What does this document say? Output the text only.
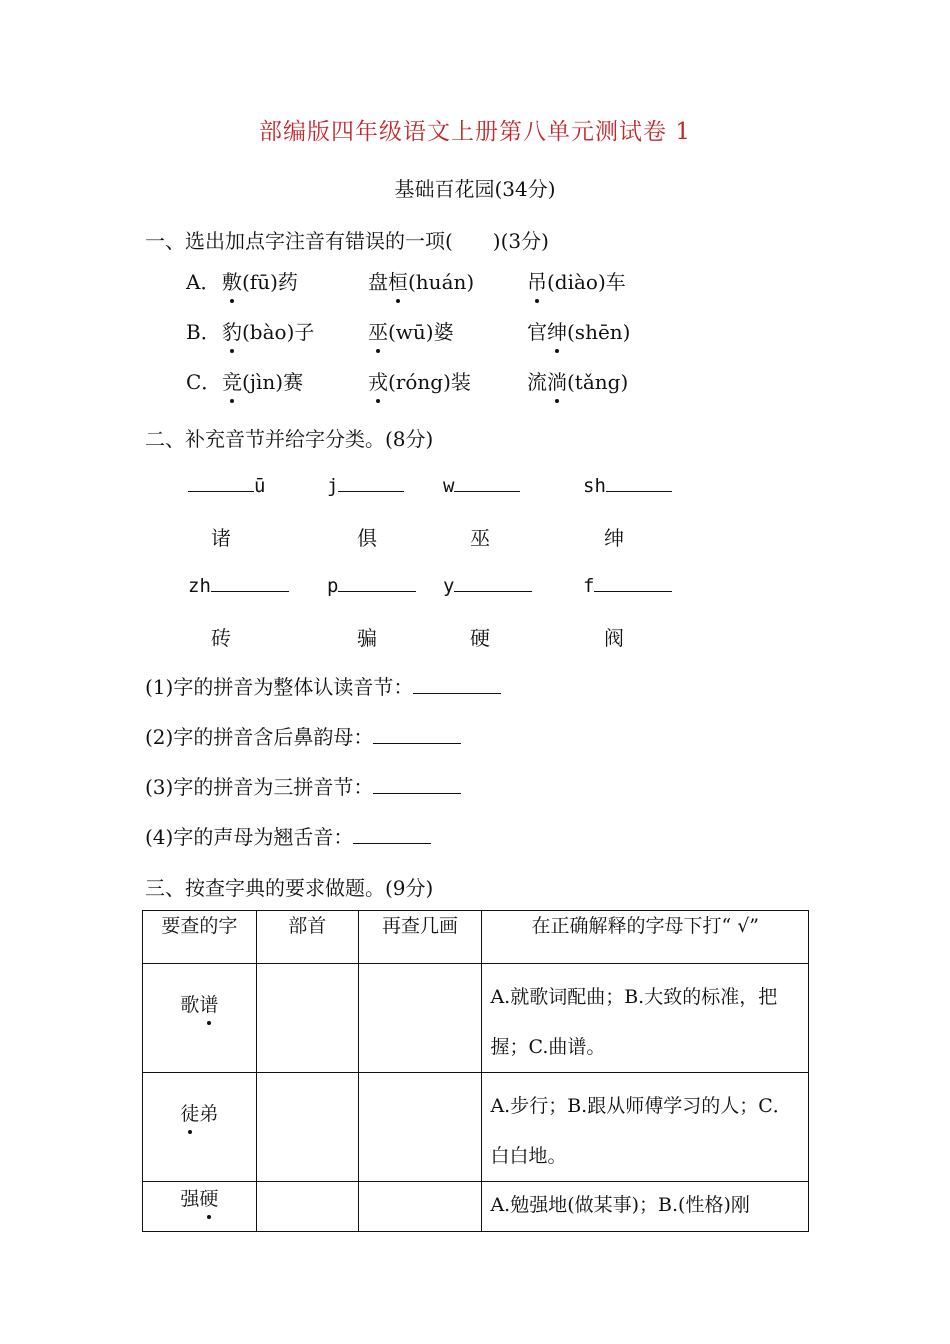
部编版四年级语文上册第八单元测试卷 1
基础百花园(34分)
一、选出加点字注音有错误的一项(　　)(3分)
A． 敷(fū)药	盘桓(huán)	吊(diào)车
B． 豹(bào)子	巫(wū)婆	官绅(shēn)
C． 竞(jìn)赛	戎(róng)装	流淌(tǎng)
二、补充音节并给字分类。(8分)
ū	j	w	sh
诸	俱	巫	绅
zh	p	y	f
砖	骗	硬	阀
(1)字的拼音为整体认读音节：
(2)字的拼音含后鼻韵母：
(3)字的拼音为三拼音节：
(4)字的声母为翘舌音：
三、按查字典的要求做题。(9分)
要查的字	部首	再查几画	在正确解释的字母下打“ √”
歌谱			A.就歌词配曲；B.大致的标准，把握；C.曲谱。
徒弟			A.步行；B.跟从师傅学习的人；C． 白白地。
强硬			A.勉强地(做某事)；B.(性格)刚
